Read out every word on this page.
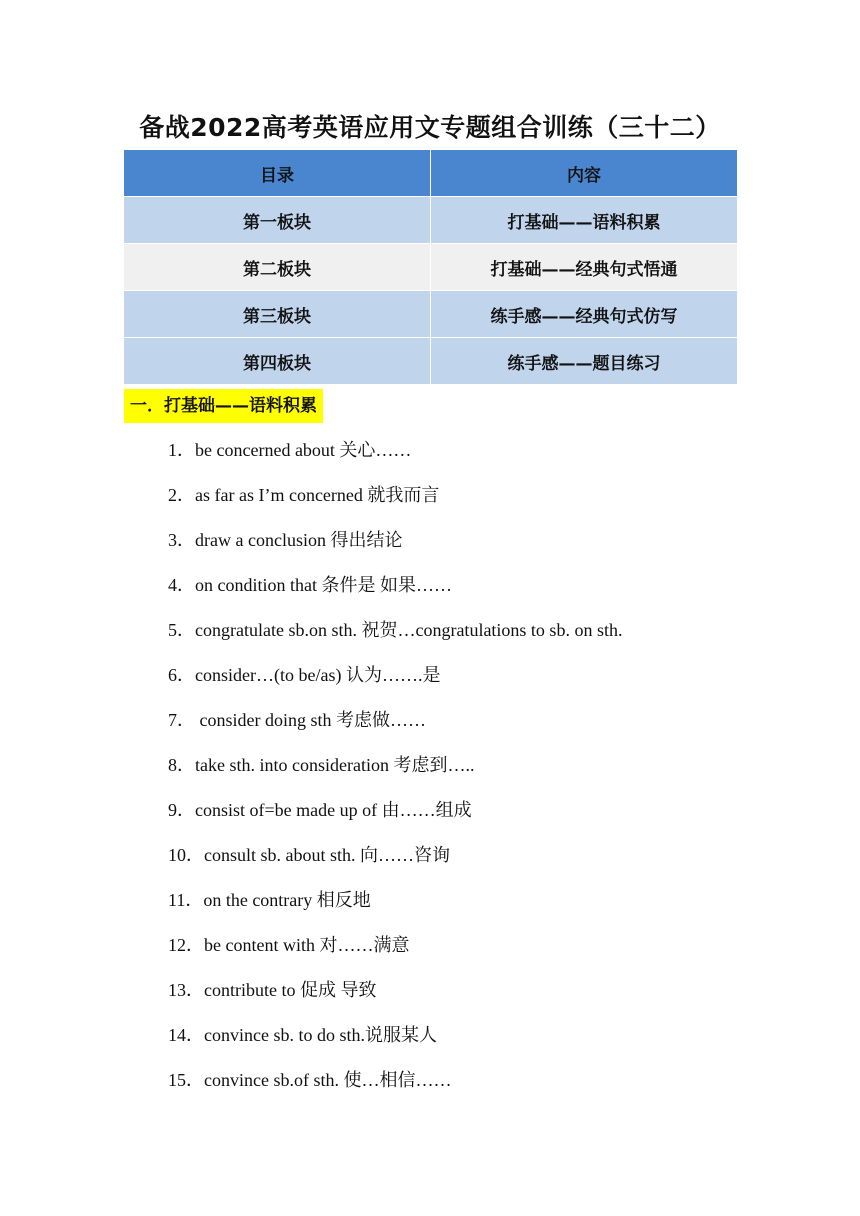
备战2022高考英语应用文专题组合训练（三十二）
目录	内容
第一板块	打基础——语料积累
第二板块	打基础——经典句式悟通
第三板块	练手感——经典句式仿写
第四板块	练手感——题目练习
一．打基础——语料积累
1．be concerned about 关心……
2．as far as I’m concerned 就我而言
3．draw a conclusion 得出结论
4．on condition that 条件是 如果……
5．congratulate sb.on sth. 祝贺…congratulations to sb. on sth.
6．consider…(to be/as) 认为…….是
7． consider doing sth 考虑做……
8．take sth. into consideration 考虑到…..
9．consist of=be made up of 由……组成
10．consult sb. about sth. 向……咨询
11．on the contrary 相反地
12．be content with 对……满意
13．contribute to 促成 导致
14．convince sb. to do sth.说服某人
15．convince sb.of sth. 使…相信……
